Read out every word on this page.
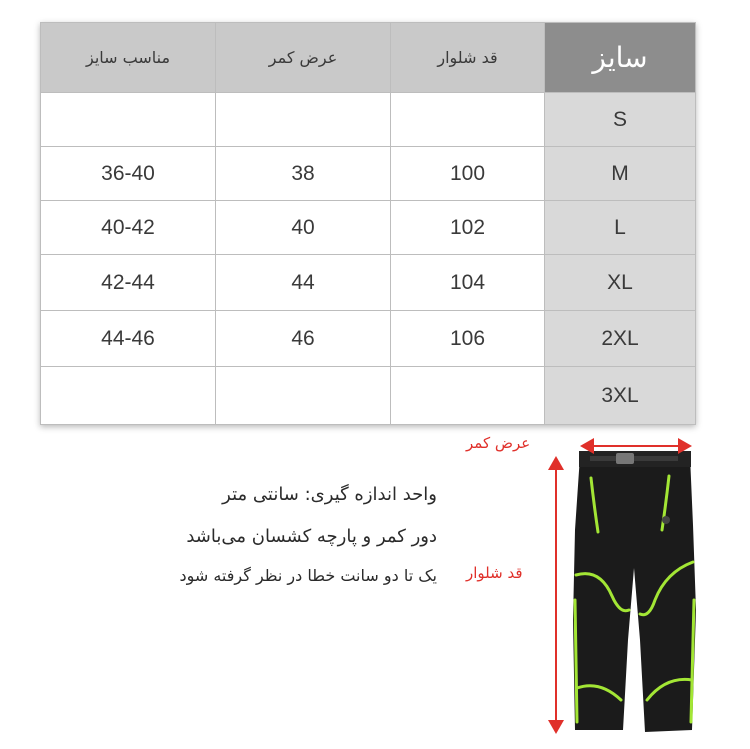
مناسب سایز	عرض کمر	قد شلوار	سایز
S
36-40	38	100	M
40-42	40	102	L
42-44	44	104	XL
44-46	46	106	2XL
3XL
واحد اندازه گیری: سانتی متر
دور کمر و پارچه کشسان می‌باشد
یک تا دو سانت خطا در نظر گرفته شود
عرض کمر
قد شلوار
